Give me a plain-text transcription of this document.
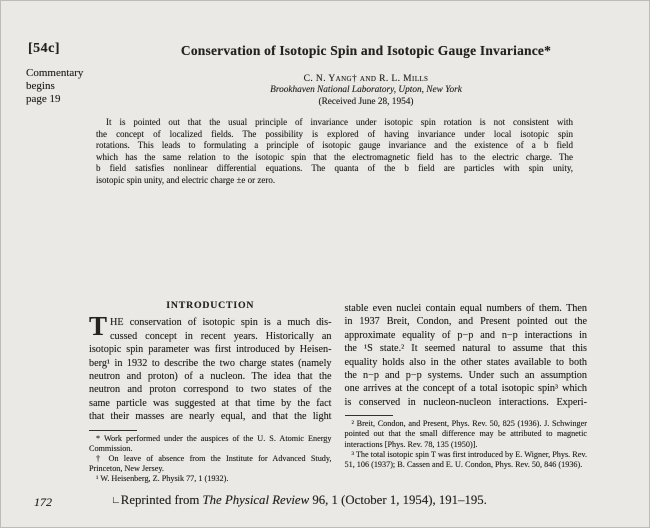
[54c]
Commentary
begins
page 19
Conservation of Isotopic Spin and Isotopic Gauge Invariance*
C. N. Yang† and R. L. Mills
Brookhaven National Laboratory, Upton, New York
(Received June 28, 1954)
It is pointed out that the usual principle of invariance under isotopic spin rotation is not consistent with
the concept of localized fields. The possibility is explored of having invariance under local isotopic spin
rotations. This leads to formulating a principle of isotopic gauge invariance and the existence of a b field
which has the same relation to the isotopic spin that the electromagnetic field has to the electric charge. The
b field satisfies nonlinear differential equations. The quanta of the b field are particles with spin unity,
isotopic spin unity, and electric charge ±e or zero.
INTRODUCTION
T HE conservation of isotopic spin is a much dis-
cussed concept in recent years. Historically an
isotopic spin parameter was first introduced by Heisen-
berg¹ in 1932 to describe the two charge states (namely
neutron and proton) of a nucleon. The idea that the
neutron and proton correspond to two states of the
same particle was suggested at that time by the fact
that their masses are nearly equal, and that the light

* Work performed under the auspices of the U. S. Atomic Energy Commission.

† On leave of absence from the Institute for Advanced Study, Princeton, New Jersey.

¹ W. Heisenberg, Z. Physik 77, 1 (1932).

stable even nuclei contain equal numbers of them. Then
in 1937 Breit, Condon, and Present pointed out the
approximate equality of p−p and n−p interactions in
the ¹S state.² It seemed natural to assume that this
equality holds also in the other states available to both
the n−p and p−p systems. Under such an assumption
one arrives at the concept of a total isotopic spin³ which
is conserved in nucleon-nucleon interactions. Experi-

² Breit, Condon, and Present, Phys. Rev. 50, 825 (1936). J. Schwinger pointed out that the small difference may be attributed to magnetic interactions [Phys. Rev. 78, 135 (1950)].

³ The total isotopic spin T was first introduced by E. Wigner, Phys. Rev. 51, 106 (1937); B. Cassen and E. U. Condon, Phys. Rev. 50, 846 (1936).

172	∟Reprinted from The Physical Review 96, 1 (October 1, 1954), 191–195.
